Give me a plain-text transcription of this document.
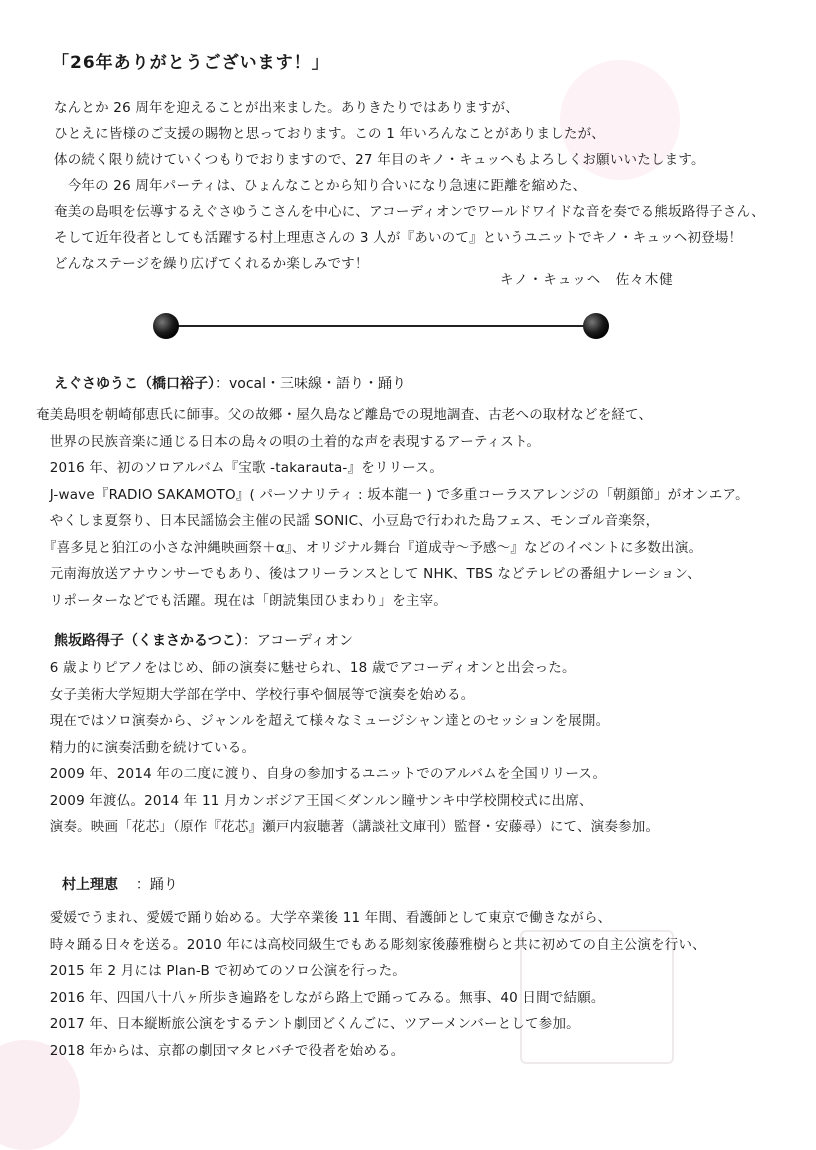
「26年ありがとうございます！」
なんとか 26 周年を迎えることが出来ました。ありきたりではありますが、
ひとえに皆様のご支援の賜物と思っております。この 1 年いろんなことがありましたが、
体の続く限り続けていくつもりでおりますので、27 年目のキノ・キュッヘもよろしくお願いいたします。
　今年の 26 周年パーティは、ひょんなことから知り合いになり急速に距離を縮めた、
奄美の島唄を伝導するえぐさゆうこさんを中心に、アコーディオンでワールドワイドな音を奏でる熊坂路得子さん、
そして近年役者としても活躍する村上理恵さんの 3 人が『あいのて』というユニットでキノ・キュッヘ初登場！
どんなステージを繰り広げてくれるか楽しみです！
キノ・キュッヘ　佐々木健
えぐさゆうこ（橋口裕子）：vocal・三味線・語り・踊り
奄美島唄を朝崎郁恵氏に師事。父の故郷・屋久島など離島での現地調査、古老への取材などを経て、
　世界の民族音楽に通じる日本の島々の唄の土着的な声を表現するアーティスト。
　2016 年、初のソロアルバム『宝歌 -takarauta-』をリリース。
　J-wave『RADIO SAKAMOTO』( パーソナリティ : 坂本龍一 ) で多重コーラスアレンジの「朝顔節」がオンエア。
　やくしま夏祭り、日本民謡協会主催の民謡 SONIC、小豆島で行われた島フェス、モンゴル音楽祭，
　『喜多見と狛江の小さな沖縄映画祭＋α』、オリジナル舞台『道成寺～予感～』などのイベントに多数出演。
　元南海放送アナウンサーでもあり、後はフリーランスとして NHK、TBS などテレビの番組ナレーション、
　リポーターなどでも活躍。現在は「朗読集団ひまわり」を主宰。
熊坂路得子（くまさかるつこ）：アコーディオン
　6 歳よりピアノをはじめ、師の演奏に魅せられ、18 歳でアコーディオンと出会った。
　女子美術大学短期大学部在学中、学校行事や個展等で演奏を始める。
　現在ではソロ演奏から、ジャンルを超えて様々なミュージシャン達とのセッションを展開。
　精力的に演奏活動を続けている。
　2009 年、2014 年の二度に渡り、自身の参加するユニットでのアルバムを全国リリース。
　2009 年渡仏。2014 年 11 月カンボジア王国＜ダンルン瞳サンキ中学校開校式に出席、
　演奏。映画「花芯」（原作『花芯』瀬戸内寂聴著（講談社文庫刊）監督・安藤尋）にて、演奏参加。
村上理恵 ：踊り
　愛媛でうまれ、愛媛で踊り始める。大学卒業後 11 年間、看護師として東京で働きながら、
　時々踊る日々を送る。2010 年には高校同級生でもある彫刻家後藤雅樹らと共に初めての自主公演を行い、
　2015 年 2 月には Plan-B で初めてのソロ公演を行った。
　2016 年、四国八十八ヶ所歩き遍路をしながら路上で踊ってみる。無事、40 日間で結願。
　2017 年、日本縦断旅公演をするテント劇団どくんごに、ツアーメンバーとして参加。
　2018 年からは、京都の劇団マタヒバチで役者を始める。
